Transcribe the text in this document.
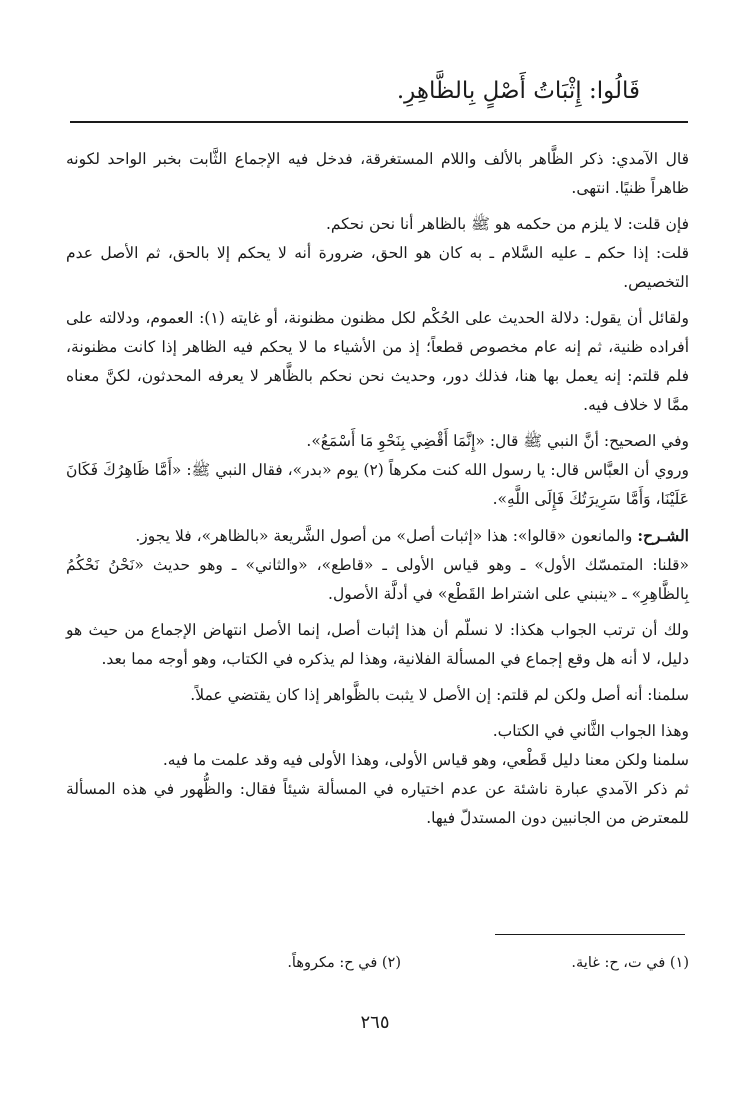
قَالُوا: إِثْبَاتُ أَصْلٍ بِالظَّاهِرِ.

قال الآمدي: ذكر الظَّاهر بالألف واللام المستغرقة، فدخل فيه الإجماع الثَّابت بخبر الواحد لكونه ظاهراً ظنيًا. انتهى.

فإن قلت: لا يلزم من حكمه هو ﷺ بالظاهر أنا نحن نحكم.

قلت: إذا حكم ـ عليه السَّلام ـ به كان هو الحق، ضرورة أنه لا يحكم إلا بالحق، ثم الأصل عدم التخصيص.

ولقائل أن يقول: دلالة الحديث على الحُكْم لكل مظنون مظنونة، أو غايته (١): العموم، ودلالته على أفراده ظنية، ثم إنه عام مخصوص قطعاً؛ إذ من الأشياء ما لا يحكم فيه الظاهر إذا كانت مظنونة، فلم قلتم: إنه يعمل بها هنا، فذلك دور، وحديث نحن نحكم بالظَّاهر لا يعرفه المحدثون، لكنَّ معناه ممَّا لا خلاف فيه.

وفي الصحيح: أنَّ النبي ﷺ قال: «إِنَّمَا أَقْضِي بِنَحْوِ مَا أَسْمَعُ».

وروي أن العبَّاس قال: يا رسول الله كنت مكرهاً (٢) يوم «بدر»، فقال النبي ﷺ: «أَمَّا ظَاهِرُكَ فَكَانَ عَلَيْنَا، وَأَمَّا سَرِيرَتُكَ فَإِلَى اللَّهِ».

الشـرح: والمانعون «قالوا»: هذا «إثبات أصل» من أصول الشَّريعة «بالظاهر»، فلا يجوز.

«قلنا: المتمسّك الأول» ـ وهو قياس الأولى ـ «قاطع»، «والثاني» ـ وهو حديث «نَحْنُ نَحْكُمُ بِالظَّاهِرِ» ـ «ينبني على اشتراط القَطْع» في أدلَّة الأصول.

ولك أن ترتب الجواب هكذا: لا نسلّم أن هذا إثبات أصل، إنما الأصل انتهاض الإجماع من حيث هو دليل، لا أنه هل وقع إجماع في المسألة الفلانية، وهذا لم يذكره في الكتاب، وهو أوجه مما بعد.

سلمنا: أنه أصل ولكن لم قلتم: إن الأصل لا يثبت بالظَّواهر إذا كان يقتضي عملاً.

وهذا الجواب الثَّاني في الكتاب.

سلمنا ولكن معنا دليل قَطْعي، وهو قياس الأولى، وهذا الأولى فيه وقد علمت ما فيه.

ثم ذكر الآمدي عبارة ناشئة عن عدم اختياره في المسألة شيئاً فقال: والظُّهور في هذه المسألة للمعترض من الجانبين دون المستدلّ فيها.

(١) في ت، ح: غاية.
(٢) في ح: مكروهاً.
٢٦٥
